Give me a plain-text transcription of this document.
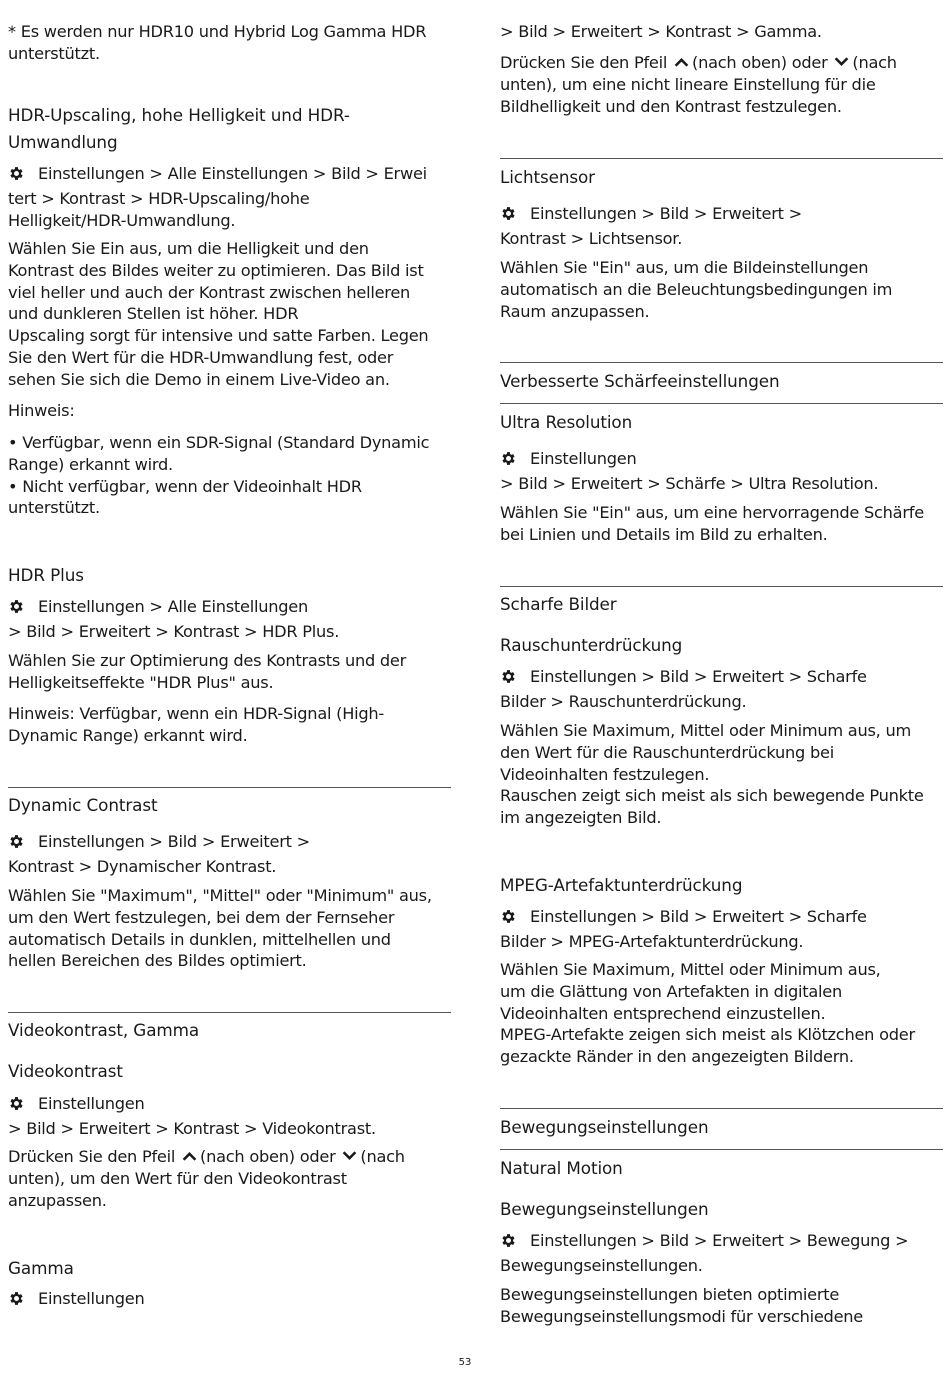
* Es werden nur HDR10 und Hybrid Log Gamma HDR
unterstützt.

HDR-Upscaling, hohe Helligkeit und HDR-
Umwandlung

Einstellungen > Alle Einstellungen > Bild > Erwei
tert > Kontrast > HDR-Upscaling/hohe
Helligkeit/HDR-Umwandlung.

Wählen Sie Ein aus, um die Helligkeit und den
Kontrast des Bildes weiter zu optimieren. Das Bild ist
viel heller und auch der Kontrast zwischen helleren
und dunkleren Stellen ist höher. HDR
Upscaling sorgt für intensive und satte Farben. Legen
Sie den Wert für die HDR-Umwandlung fest, oder
sehen Sie sich die Demo in einem Live-Video an.

Hinweis:

• Verfügbar, wenn ein SDR-Signal (Standard Dynamic
Range) erkannt wird.
• Nicht verfügbar, wenn der Videoinhalt HDR
unterstützt.

HDR Plus

Einstellungen > Alle Einstellungen
> Bild > Erweitert > Kontrast > HDR Plus.

Wählen Sie zur Optimierung des Kontrasts und der
Helligkeitseffekte "HDR Plus" aus.

Hinweis: Verfügbar, wenn ein HDR-Signal (High-
Dynamic Range) erkannt wird.

Dynamic Contrast

Einstellungen > Bild > Erweitert >
Kontrast > Dynamischer Kontrast.

Wählen Sie "Maximum", "Mittel" oder "Minimum" aus,
um den Wert festzulegen, bei dem der Fernseher
automatisch Details in dunklen, mittelhellen und
hellen Bereichen des Bildes optimiert.

Videokontrast, Gamma
Videokontrast

Einstellungen

> Bild > Erweitert > Kontrast > Videokontrast.

Drücken Sie den Pfeil (nach oben) oder (nach
unten), um den Wert für den Videokontrast
anzupassen.

Gamma

Einstellungen

> Bild > Erweitert > Kontrast > Gamma.

Drücken Sie den Pfeil (nach oben) oder (nach
unten), um eine nicht lineare Einstellung für die
Bildhelligkeit und den Kontrast festzulegen.

Lichtsensor

Einstellungen > Bild > Erweitert >
Kontrast > Lichtsensor.

Wählen Sie "Ein" aus, um die Bildeinstellungen
automatisch an die Beleuchtungsbedingungen im
Raum anzupassen.

Verbesserte Schärfeeinstellungen
Ultra Resolution

Einstellungen

> Bild > Erweitert > Schärfe > Ultra Resolution.

Wählen Sie "Ein" aus, um eine hervorragende Schärfe
bei Linien und Details im Bild zu erhalten.

Scharfe Bilder
Rauschunterdrückung

Einstellungen > Bild > Erweitert > Scharfe
Bilder > Rauschunterdrückung.

Wählen Sie Maximum, Mittel oder Minimum aus, um
den Wert für die Rauschunterdrückung bei
Videoinhalten festzulegen.
Rauschen zeigt sich meist als sich bewegende Punkte
im angezeigten Bild.

MPEG-Artefaktunterdrückung

Einstellungen > Bild > Erweitert > Scharfe
Bilder > MPEG-Artefaktunterdrückung.

Wählen Sie Maximum, Mittel oder Minimum aus,
um die Glättung von Artefakten in digitalen
Videoinhalten entsprechend einzustellen.
MPEG-Artefakte zeigen sich meist als Klötzchen oder
gezackte Ränder in den angezeigten Bildern.

Bewegungseinstellungen
Natural Motion
Bewegungseinstellungen

Einstellungen > Bild > Erweitert > Bewegung >
Bewegungseinstellungen.

Bewegungseinstellungen bieten optimierte
Bewegungseinstellungsmodi für verschiedene

53
